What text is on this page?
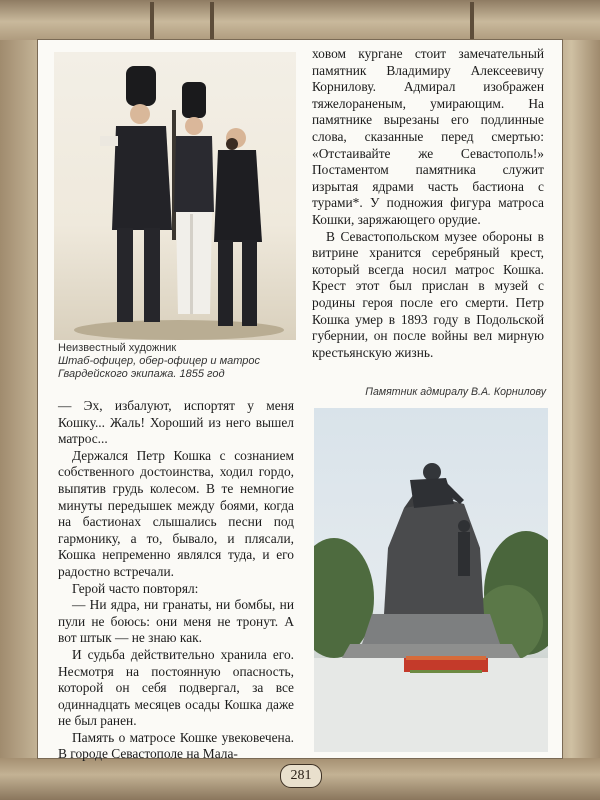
Неизвестный художник
Штаб-офицер, обер-офицер и матрос
Гвардейского экипажа. 1855 год

ховом кургане стоит замечательный памятник Владимиру Алексеевичу Корнилову. Адмирал изображен тяжелораненым, умирающим. На памятнике вырезаны его подлинные слова, сказанные перед смертью: «Отстаивайте же Севастополь!» Постаментом памятника служит изрытая ядрами часть бастиона с турами*. У подножия фигура матроса Кошки, заряжающего орудие.

В Севастопольском музее обороны в витрине хранится серебряный крест, который всегда носил матрос Кошка. Крест этот был прислан в музей с родины героя после его смерти. Петр Кошка умер в 1893 году в Подольской губернии, он после войны вел мирную крестьянскую жизнь.

Памятник адмиралу В.А. Корнилову

— Эх, избалуют, испортят у меня Кошку... Жаль! Хороший из него вышел матрос...

Держался Петр Кошка с сознанием собственного достоинства, ходил гордо, выпятив грудь колесом. В те немногие минуты передышек между боями, когда на бастионах слышались песни под гармонику, а то, бывало, и плясали, Кошка непременно являлся туда, и его радостно встречали.

Герой часто повторял:

— Ни ядра, ни гранаты, ни бомбы, ни пули не боюсь: они меня не тронут. А вот штык — не знаю как.

И судьба действительно хранила его. Несмотря на постоянную опасность, которой он себя подвергал, за все одиннадцать месяцев осады Кошка даже не был ранен.

Память о матросе Кошке увековечена. В городе Севастополе на Мала-

281
